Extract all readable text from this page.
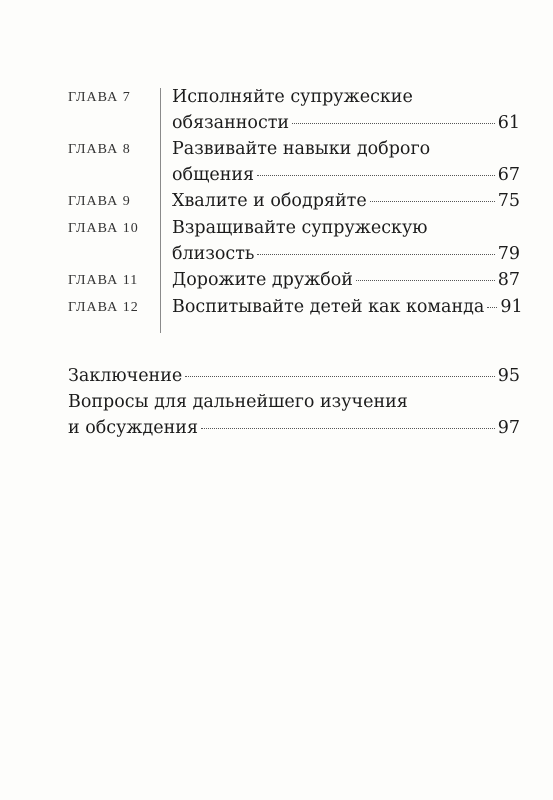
ГЛАВА 7	Исполняйте супружеские
обязанности	61
ГЛАВА 8	Развивайте навыки доброго
общения	67
ГЛАВА 9	Хвалите и ободряйте	75
ГЛАВА 10	Взращивайте супружескую
близость	79
ГЛАВА 11	Дорожите дружбой	87
ГЛАВА 12	Воспитывайте детей как команда 91
Заключение	95
Вопросы для дальнейшего изучения
и обсуждения	97
